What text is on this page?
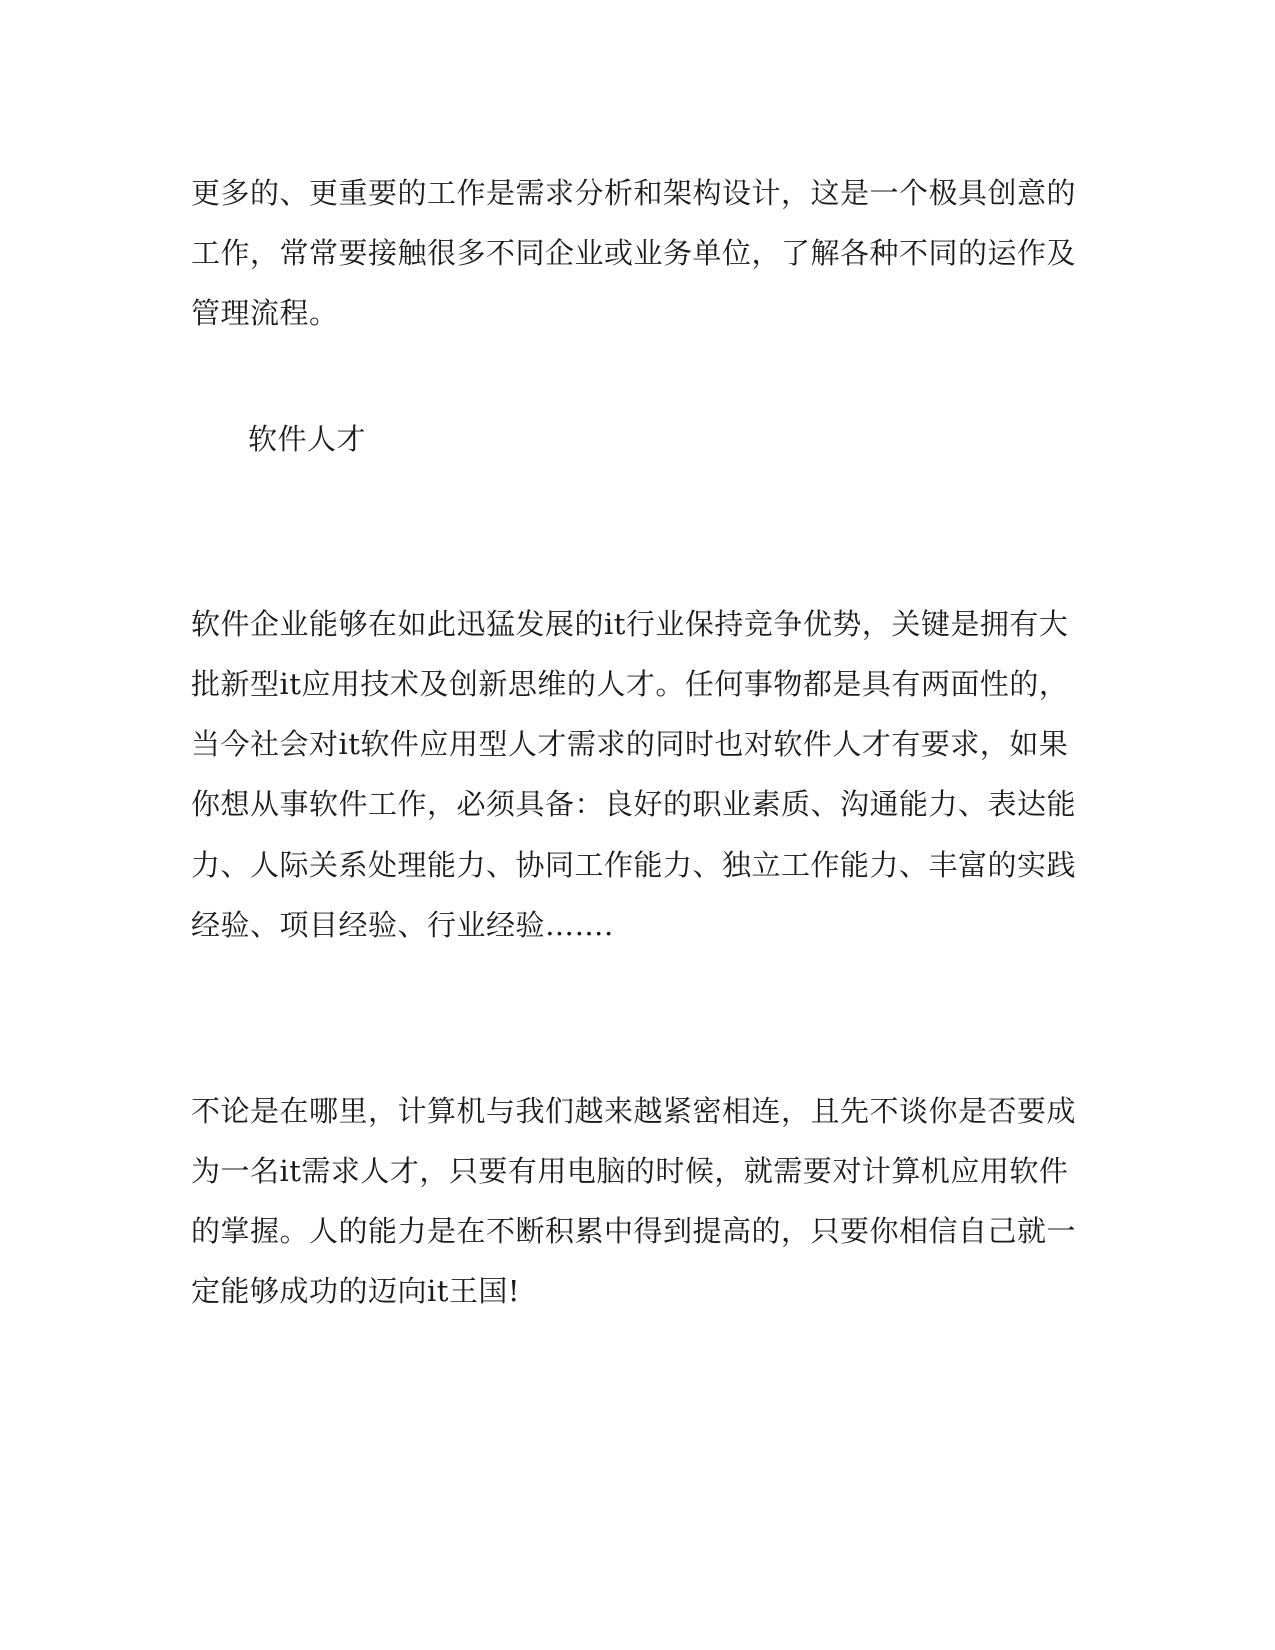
更多的、更重要的工作是需求分析和架构设计，这是一个极具创意的
工作，常常要接触很多不同企业或业务单位，了解各种不同的运作及
管理流程。
软件人才
软件企业能够在如此迅猛发展的it行业保持竞争优势，关键是拥有大
批新型it应用技术及创新思维的人才。任何事物都是具有两面性的，
当今社会对it软件应用型人才需求的同时也对软件人才有要求，如果
你想从事软件工作，必须具备：良好的职业素质、沟通能力、表达能
力、人际关系处理能力、协同工作能力、独立工作能力、丰富的实践
经验、项目经验、行业经验…….
不论是在哪里，计算机与我们越来越紧密相连，且先不谈你是否要成
为一名it需求人才，只要有用电脑的时候，就需要对计算机应用软件
的掌握。人的能力是在不断积累中得到提高的，只要你相信自己就一
定能够成功的迈向it王国!
